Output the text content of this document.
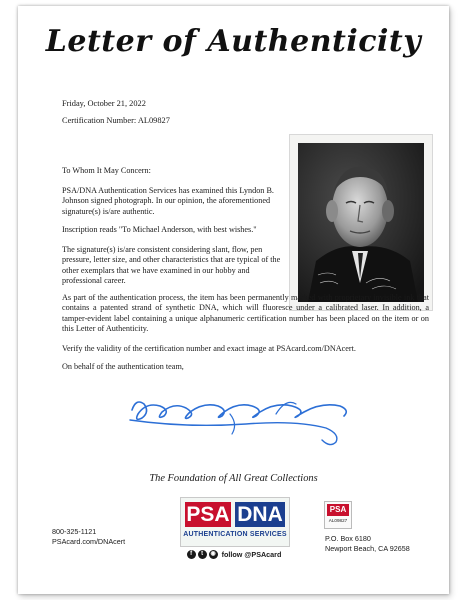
Letter of Authenticity
Friday, October 21, 2022
Certification Number: AL09827
To Whom It May Concern:
PSA/DNA Authentication Services has examined this Lyndon B. Johnson signed photograph. In our opinion, the aforementioned signature(s) is/are authentic.
Inscription reads "To Michael Anderson, with best wishes."
The signature(s) is/are consistent considering slant, flow, pen pressure, letter size, and other characteristics that are typical of the other exemplars that we have examined in our hobby and professional career.
As part of the authentication process, the item has been permanently marked with proprietary invisible ink that contains a patented strand of synthetic DNA, which will fluoresce under a calibrated laser. In addition, a tamper-evident label containing a unique alphanumeric certification number has been placed on the item or on this Letter of Authenticity.
Verify the validity of the certification number and exact image at PSAcard.com/DNAcert.
On behalf of the authentication team,
The Foundation of All Great Collections
800-325-1121
PSAcard.com/DNAcert
PSA DNA
AUTHENTICATION SERVICES
f	t	◉ follow @PSAcard
PSA
AL09827
P.O. Box 6180
Newport Beach, CA 92658
